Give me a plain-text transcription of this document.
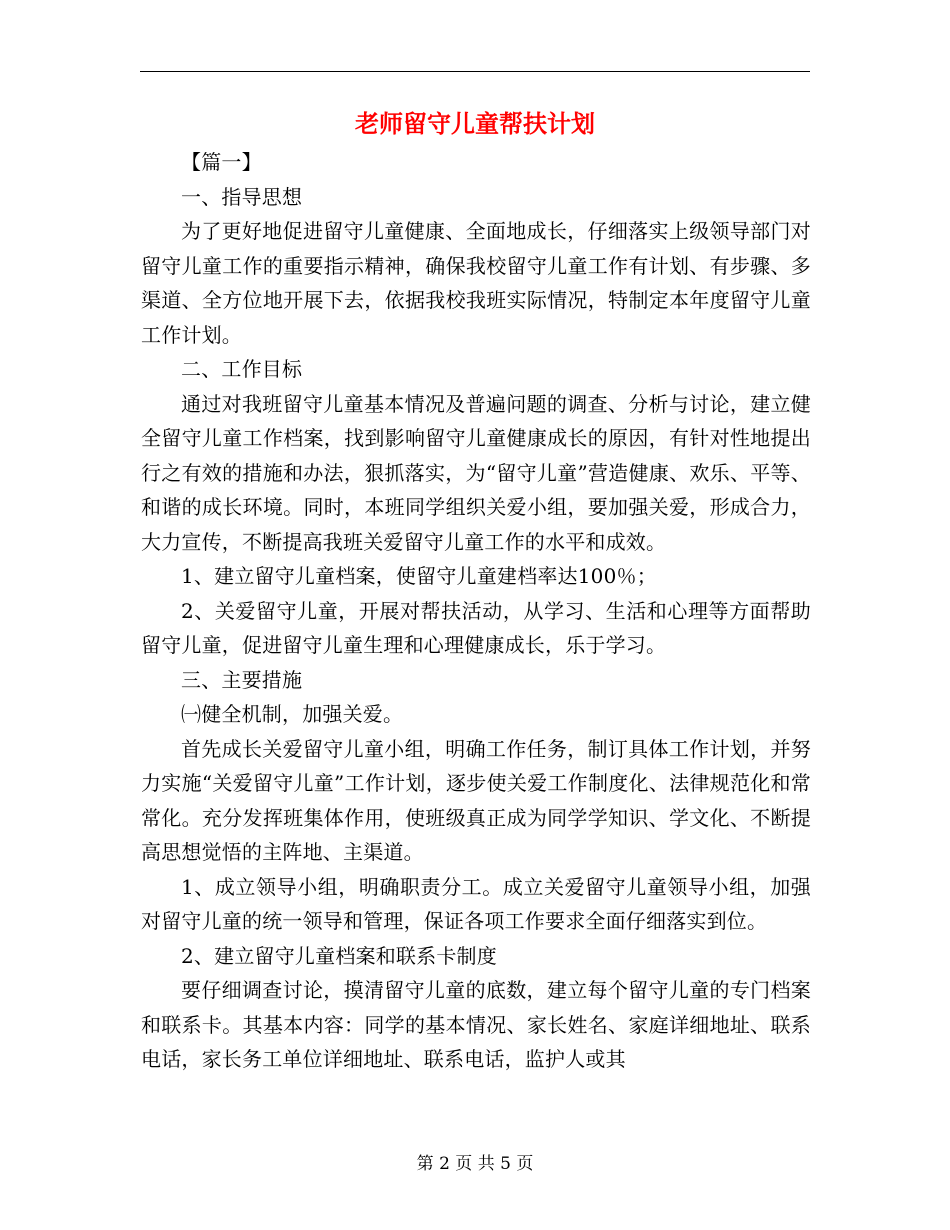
老师留守儿童帮扶计划

【篇一】

一、指导思想

为了更好地促进留守儿童健康、全面地成长，仔细落实上级领导部门对留守儿童工作的重要指示精神，确保我校留守儿童工作有计划、有步骤、多渠道、全方位地开展下去，依据我校我班实际情况，特制定本年度留守儿童工作计划。

二、工作目标

通过对我班留守儿童基本情况及普遍问题的调查、分析与讨论，建立健全留守儿童工作档案，找到影响留守儿童健康成长的原因，有针对性地提出行之有效的措施和办法，狠抓落实，为“留守儿童”营造健康、欢乐、平等、和谐的成长环境。同时，本班同学组织关爱小组，要加强关爱，形成合力，大力宣传，不断提高我班关爱留守儿童工作的水平和成效。

1、建立留守儿童档案，使留守儿童建档率达100％；

2、关爱留守儿童，开展对帮扶活动，从学习、生活和心理等方面帮助留守儿童，促进留守儿童生理和心理健康成长，乐于学习。

三、主要措施

㈠健全机制，加强关爱。

首先成长关爱留守儿童小组，明确工作任务，制订具体工作计划，并努力实施“关爱留守儿童”工作计划，逐步使关爱工作制度化、法律规范化和常常化。充分发挥班集体作用，使班级真正成为同学学知识、学文化、不断提高思想觉悟的主阵地、主渠道。

1、成立领导小组，明确职责分工。成立关爱留守儿童领导小组，加强对留守儿童的统一领导和管理，保证各项工作要求全面仔细落实到位。

2、建立留守儿童档案和联系卡制度

要仔细调查讨论，摸清留守儿童的底数，建立每个留守儿童的专门档案和联系卡。其基本内容：同学的基本情况、家长姓名、家庭详细地址、联系电话，家长务工单位详细地址、联系电话，监护人或其

第 2 页 共 5 页
